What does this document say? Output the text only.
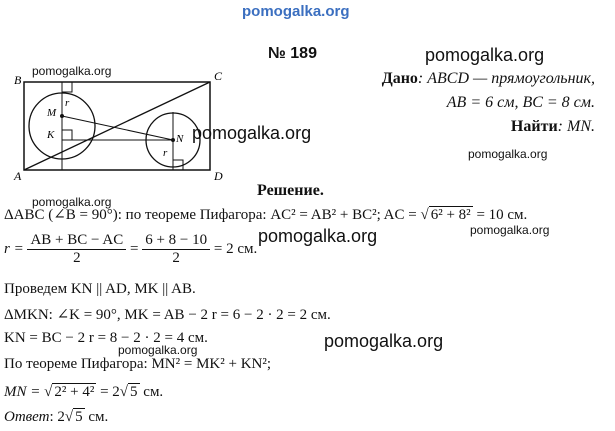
pomogalka.org
pomogalka.org
pomogalka.org
pomogalka.org
pomogalka.org
pomogalka.org
pomogalka.org	pomogalka.org
pomogalka.org	pomogalka.org
№ 189
Дано: ABCD — прямоугольник,
AB = 6 см, BC = 8 см.
Найти: MN.
B	C
A	D
M
K	N
r
r
Решение.
ΔABC (∠B = 90°): по теореме Пифагора: AC² = AB² + BC²; AC = √ 6² + 8² = 10 см.
$r = \frac{AB + BC - AC}{2} = \frac{6 + 8 - 10}{2} = 2$ см.
Проведем KN || AD, MK || AB.
ΔMKN: ∠K = 90°, MK = AB − 2 r = 6 − 2 · 2 = 2 см.
KN = BC − 2 r = 8 − 2 · 2 = 4 см.
По теореме Пифагора: MN² = MK² + KN²;
MN = √ 2² + 4² = 2√ 5 см.
Ответ: 2√ 5 см.
